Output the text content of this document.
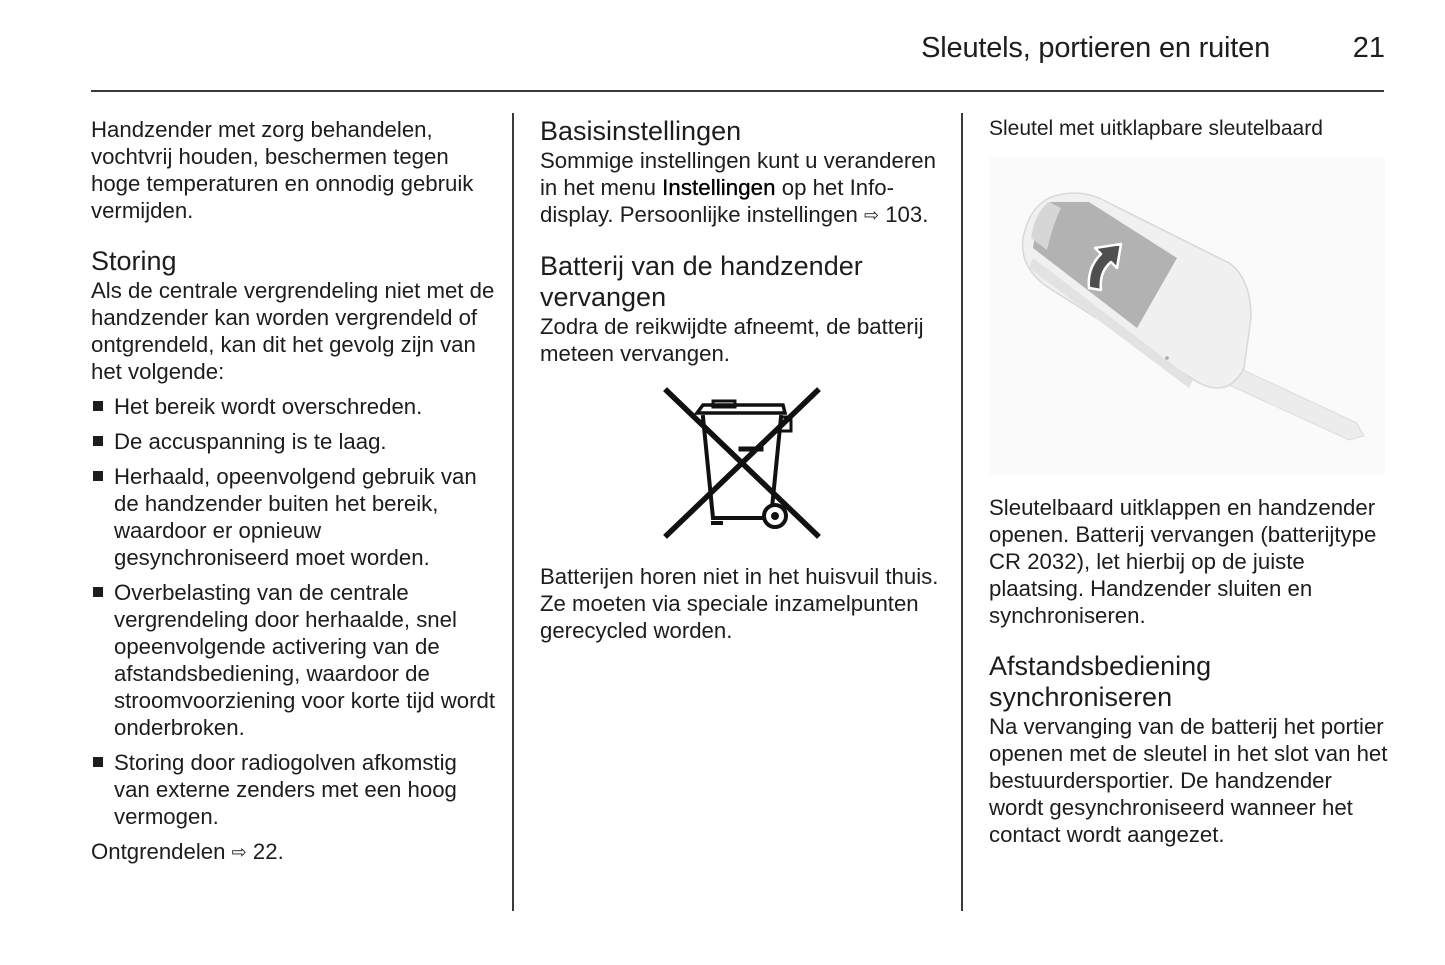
Sleutels, portieren en ruiten	21

Handzender met zorg behandelen, vochtvrij houden, beschermen tegen hoge temperaturen en onnodig gebruik vermijden.

Storing

Als de centrale vergrendeling niet met de handzender kan worden vergrendeld of ontgrendeld, kan dit het gevolg zijn van het volgende:

Het bereik wordt overschreden.
De accuspanning is te laag.
Herhaald, opeenvolgend gebruik van de handzender buiten het bereik, waardoor er opnieuw gesynchroniseerd moet worden.
Overbelasting van de centrale vergrendeling door herhaalde, snel opeenvolgende activering van de afstandsbediening, waardoor de stroomvoorziening voor korte tijd wordt onderbroken.
Storing door radiogolven afkomstig van externe zenders met een hoog vermogen.

Ontgrendelen ⇨ 22.

Basisinstellingen

Sommige instellingen kunt u veranderen in het menu Instellingen op het Info-display. Persoonlijke instellingen ⇨ 103.

Batterij van de handzender vervangen

Zodra de reikwijdte afneemt, de batterij meteen vervangen.

Batterijen horen niet in het huisvuil thuis. Ze moeten via speciale inzamelpunten gerecycled worden.

Sleutel met uitklapbare sleutelbaard

Sleutelbaard uitklappen en handzender openen. Batterij vervangen (batterijtype CR 2032), let hierbij op de juiste plaatsing. Handzender sluiten en synchroniseren.

Afstandsbediening synchroniseren

Na vervanging van de batterij het portier openen met de sleutel in het slot van het bestuurdersportier. De handzender wordt gesynchroniseerd wanneer het contact wordt aangezet.
